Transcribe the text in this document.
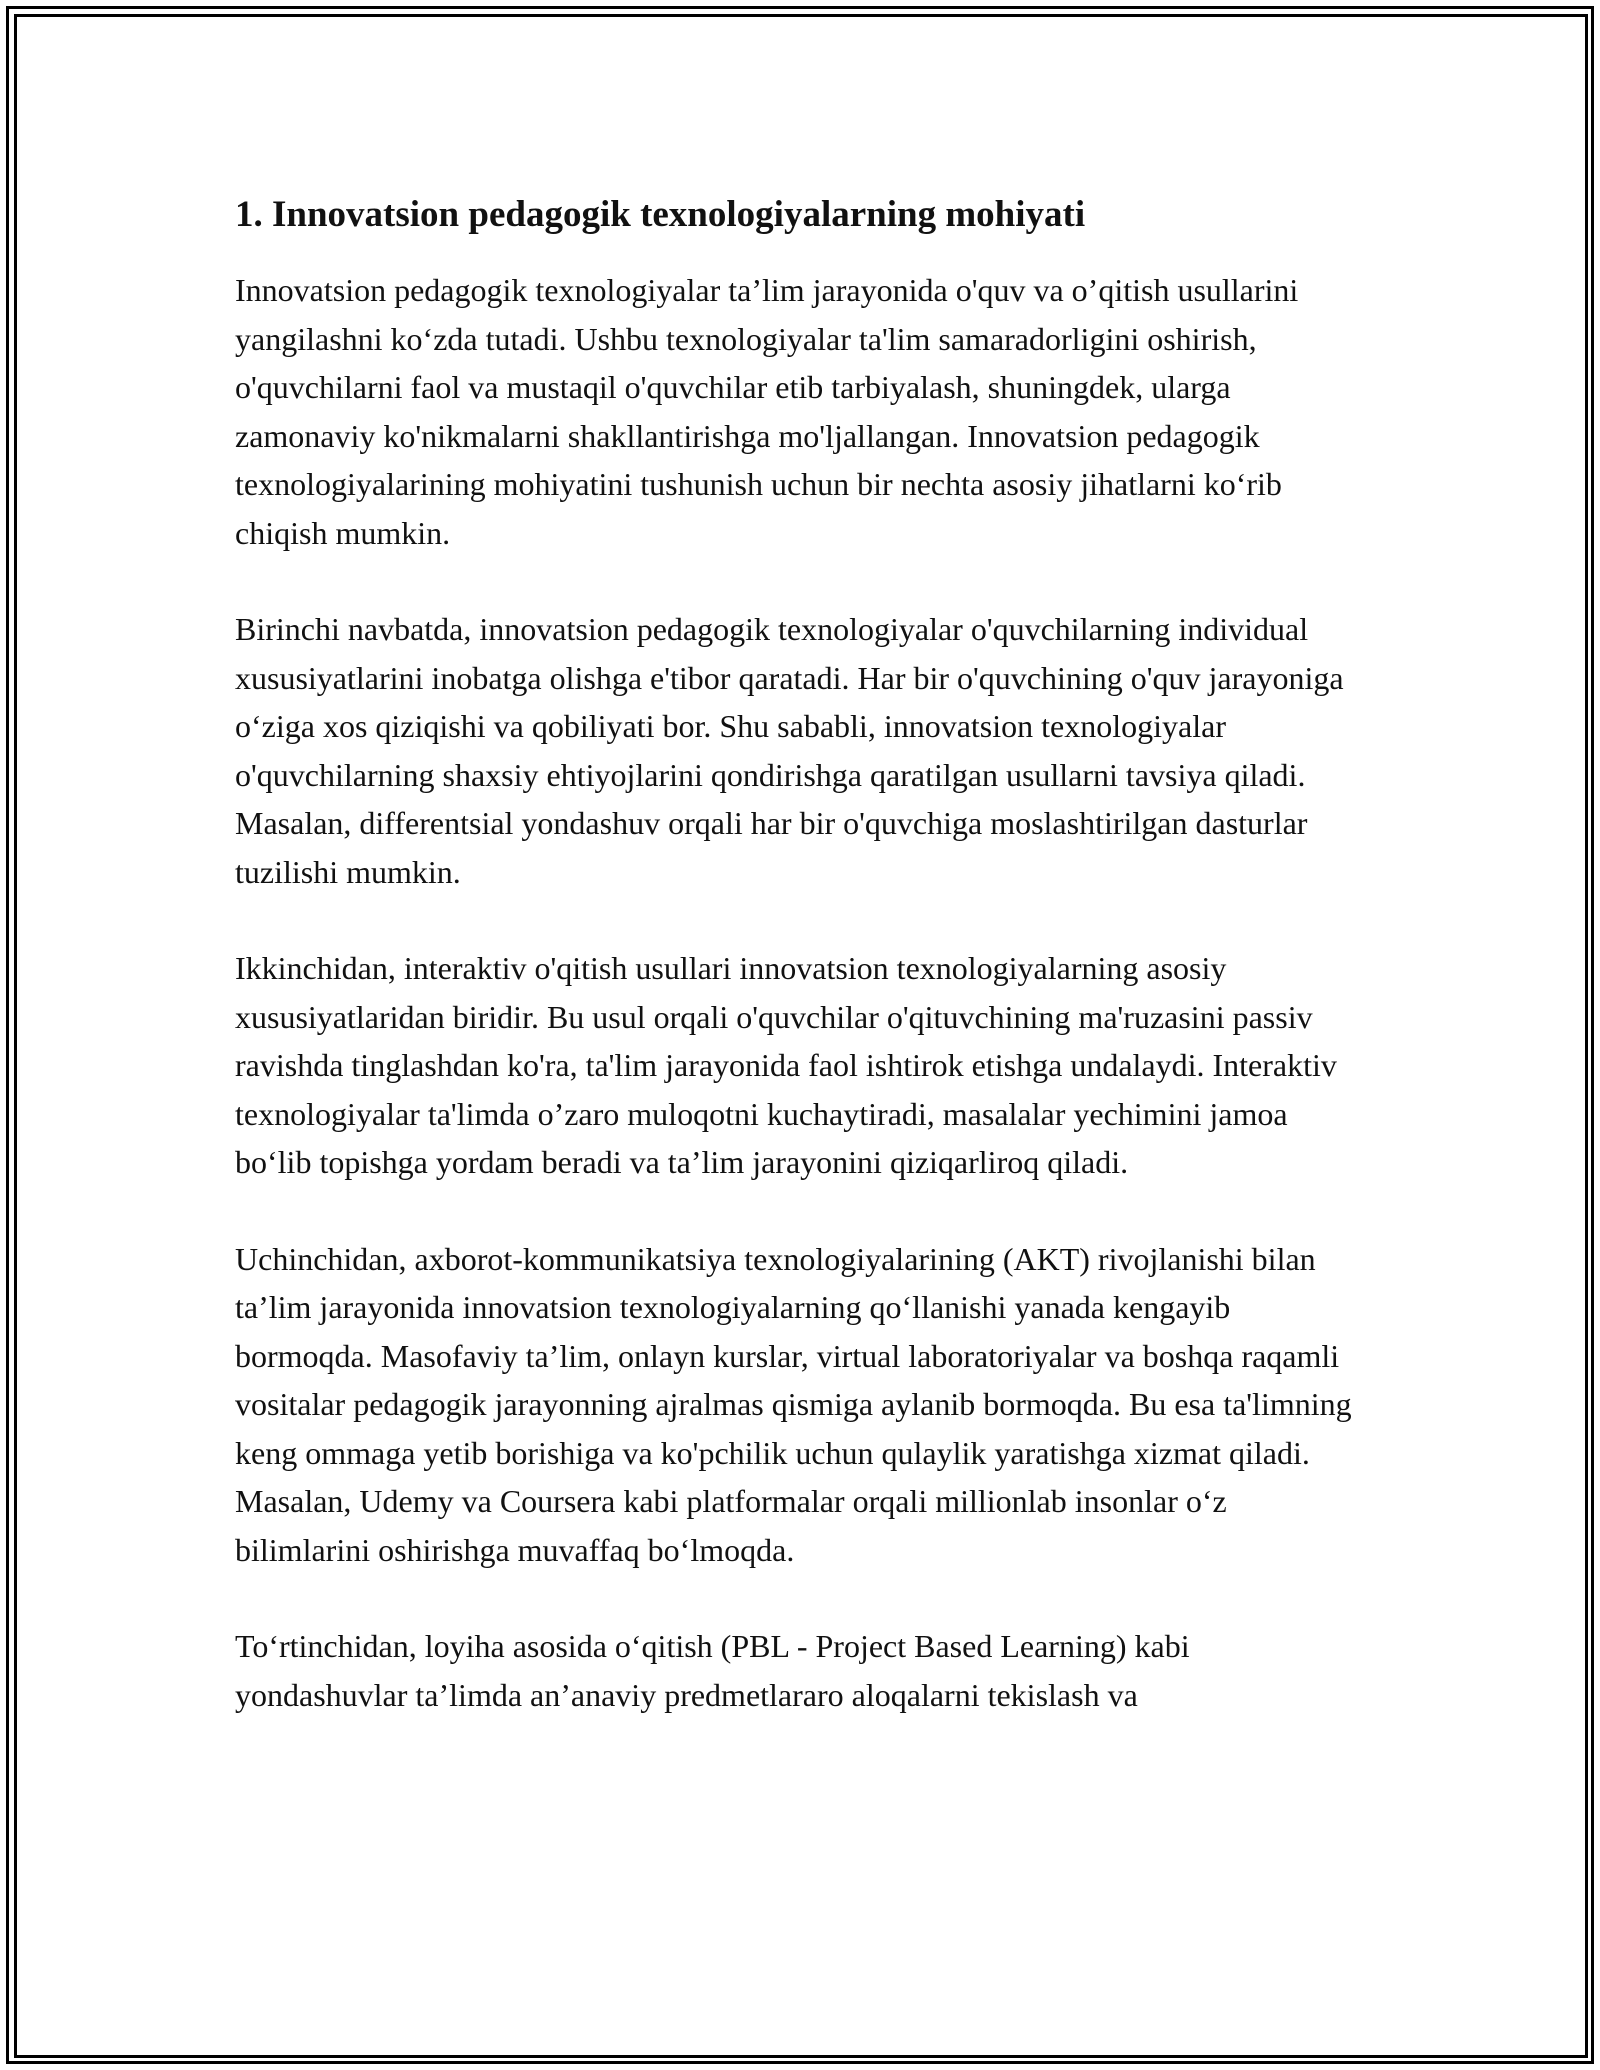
1. Innovatsion pedagogik texnologiyalarning mohiyati

Innovatsion pedagogik texnologiyalar ta’lim jarayonida o'quv va o’qitish usullarini yangilashni ko‘zda tutadi. Ushbu texnologiyalar ta'lim samaradorligini oshirish, o'quvchilarni faol va mustaqil o'quvchilar etib tarbiyalash, shuningdek, ularga zamonaviy ko'nikmalarni shakllantirishga mo'ljallangan. Innovatsion pedagogik texnologiyalarining mohiyatini tushunish uchun bir nechta asosiy jihatlarni ko‘rib chiqish mumkin.

Birinchi navbatda, innovatsion pedagogik texnologiyalar o'quvchilarning individual xususiyatlarini inobatga olishga e'tibor qaratadi. Har bir o'quvchining o'quv jarayoniga o‘ziga xos qiziqishi va qobiliyati bor. Shu sababli, innovatsion texnologiyalar o'quvchilarning shaxsiy ehtiyojlarini qondirishga qaratilgan usullarni tavsiya qiladi. Masalan, differentsial yondashuv orqali har bir o'quvchiga moslashtirilgan dasturlar tuzilishi mumkin.

Ikkinchidan, interaktiv o'qitish usullari innovatsion texnologiyalarning asosiy xususiyatlaridan biridir. Bu usul orqali o'quvchilar o'qituvchining ma'ruzasini passiv ravishda tinglashdan ko'ra, ta'lim jarayonida faol ishtirok etishga undalaydi. Interaktiv texnologiyalar ta'limda o’zaro muloqotni kuchaytiradi, masalalar yechimini jamoa bo‘lib topishga yordam beradi va ta’lim jarayonini qiziqarliroq qiladi.

Uchinchidan, axborot-kommunikatsiya texnologiyalarining (AKT) rivojlanishi bilan ta’lim jarayonida innovatsion texnologiyalarning qo‘llanishi yanada kengayib bormoqda. Masofaviy ta’lim, onlayn kurslar, virtual laboratoriyalar va boshqa raqamli vositalar pedagogik jarayonning ajralmas qismiga aylanib bormoqda. Bu esa ta'limning keng ommaga yetib borishiga va ko'pchilik uchun qulaylik yaratishga xizmat qiladi. Masalan, Udemy va Coursera kabi platformalar orqali millionlab insonlar o‘z bilimlarini oshirishga muvaffaq bo‘lmoqda.

To‘rtinchidan, loyiha asosida o‘qitish (PBL - Project Based Learning) kabi yondashuvlar ta’limda an’anaviy predmetlararo aloqalarni tekislash va
